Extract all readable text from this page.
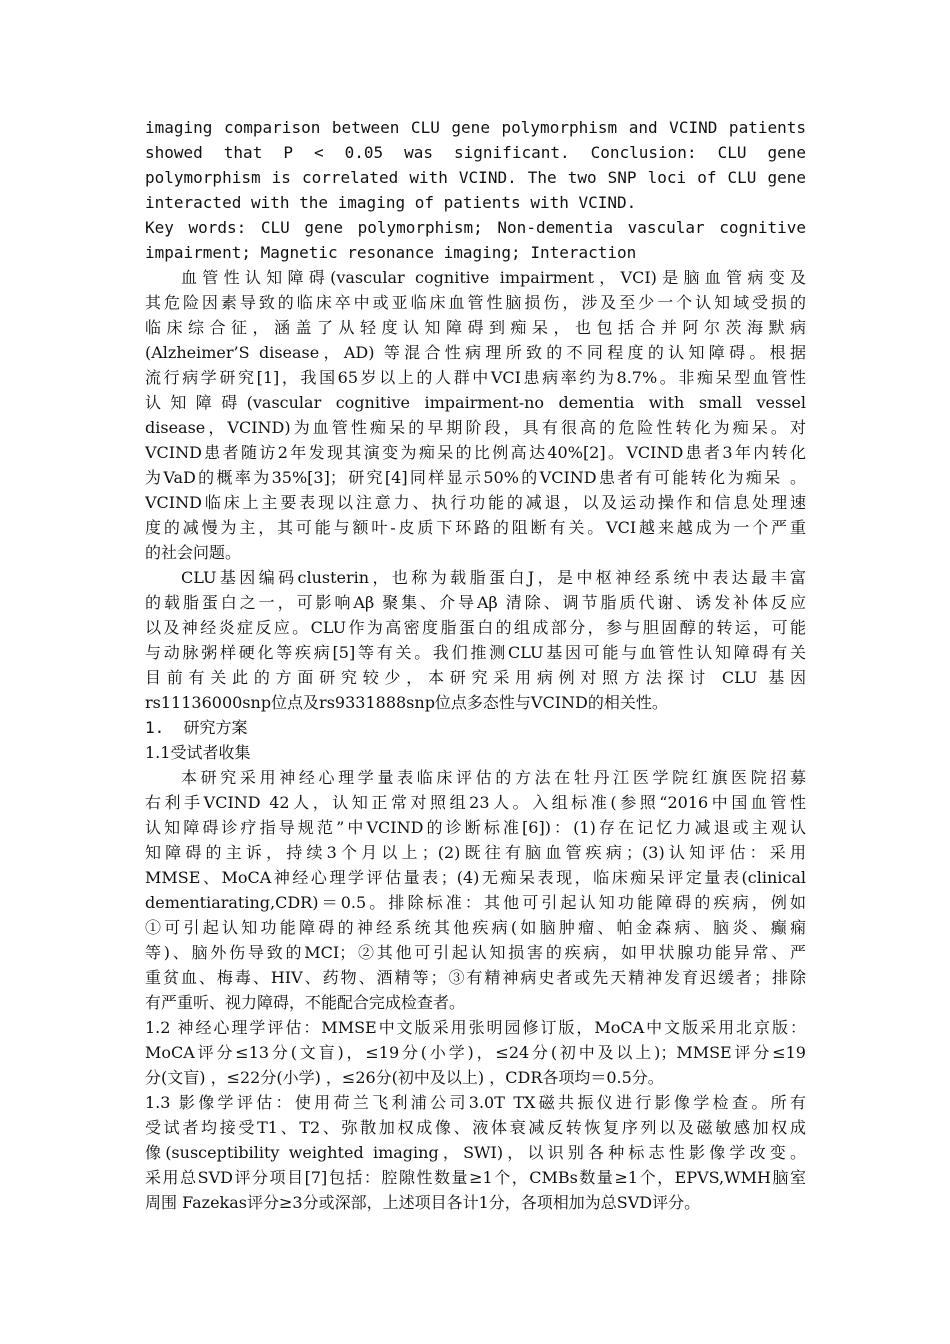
imaging comparison between CLU gene polymorphism and VCIND patients
showed that P < 0.05 was significant. Conclusion: CLU gene
polymorphism is correlated with VCIND. The two SNP loci of CLU gene
interacted with the imaging of patients with VCIND.
Key words: CLU gene polymorphism; Non-dementia vascular cognitive
impairment; Magnetic resonance imaging; Interaction
血管性认知障碍(vascular cognitive impairment，VCI)是脑血管病变及
其危险因素导致的临床卒中或亚临床血管性脑损伤，涉及至少一个认知域受损的
临床综合征，涵盖了从轻度认知障碍到痴呆，也包括合并阿尔茨海默病
(Alzheimer’S disease，AD) 等混合性病理所致的不同程度的认知障碍。根据
流行病学研究[1]，我国65岁以上的人群中VCI患病率约为8.7%。非痴呆型血管性
认知障碍(vascular cognitive impairment-no dementia with small vessel
disease，VCIND)为血管性痴呆的早期阶段，具有很高的危险性转化为痴呆。对
VCIND患者随访2年发现其演变为痴呆的比例高达40%[2]。VCIND患者3年内转化
为VaD的概率为35%[3]；研究[4]同样显示50%的VCIND患者有可能转化为痴呆 。
VCIND临床上主要表现以注意力、执行功能的减退，以及运动操作和信息处理速
度的减慢为主，其可能与额叶-皮质下环路的阻断有关。VCI越来越成为一个严重
的社会问题。
CLU基因编码clusterin，也称为载脂蛋白J，是中枢神经系统中表达最丰富
的载脂蛋白之一，可影响Aβ 聚集、介导Aβ 清除、调节脂质代谢、诱发补体反应
以及神经炎症反应。CLU作为高密度脂蛋白的组成部分，参与胆固醇的转运，可能
与动脉粥样硬化等疾病[5]等有关。我们推测CLU基因可能与血管性认知障碍有关
目前有关此的方面研究较少，本研究采用病例对照方法探讨 CLU 基因
rs11136000snp位点及rs9331888snp位点多态性与VCIND的相关性。
1.  研究方案
1.1受试者收集
本研究采用神经心理学量表临床评估的方法在牡丹江医学院红旗医院招募
右利手VCIND 42人，认知正常对照组23人。入组标准(参照“2016中国血管性
认知障碍诊疗指导规范”中VCIND的诊断标准[6])：(1)存在记忆力减退或主观认
知障碍的主诉，持续3个月以上；(2)既往有脑血管疾病；(3)认知评估：采用
MMSE、MoCA神经心理学评估量表；(4)无痴呆表现，临床痴呆评定量表(clinical
dementiarating,CDR)＝0.5。排除标准：其他可引起认知功能障碍的疾病，例如
①可引起认知功能障碍的神经系统其他疾病(如脑肿瘤、帕金森病、脑炎、癫痫
等)、脑外伤导致的MCI；②其他可引起认知损害的疾病，如甲状腺功能异常、严
重贫血、梅毒、HIV、药物、酒精等；③有精神病史者或先天精神发育迟缓者；排除
有严重听、视力障碍，不能配合完成检查者。
1.2 神经心理学评估：MMSE中文版采用张明园修订版，MoCA中文版采用北京版：
MoCA评分≤13分(文盲)，≤19分(小学)，≤24分(初中及以上)；MMSE评分≤19
分(文盲) ，≤22分(小学) ，≤26分(初中及以上) ，CDR各项均＝0.5分。
1.3 影像学评估：使用荷兰飞利浦公司3.0T TX磁共振仪进行影像学检查。所有
受试者均接受T1、T2、弥散加权成像、液体衰减反转恢复序列以及磁敏感加权成
像(susceptibility weighted imaging，SWI)，以识别各种标志性影像学改变。
采用总SVD评分项目[7]包括：腔隙性数量≥1个，CMBs数量≥1个，EPVS,WMH脑室
周围 Fazekas评分≥3分或深部，上述项目各计1分，各项相加为总SVD评分。
